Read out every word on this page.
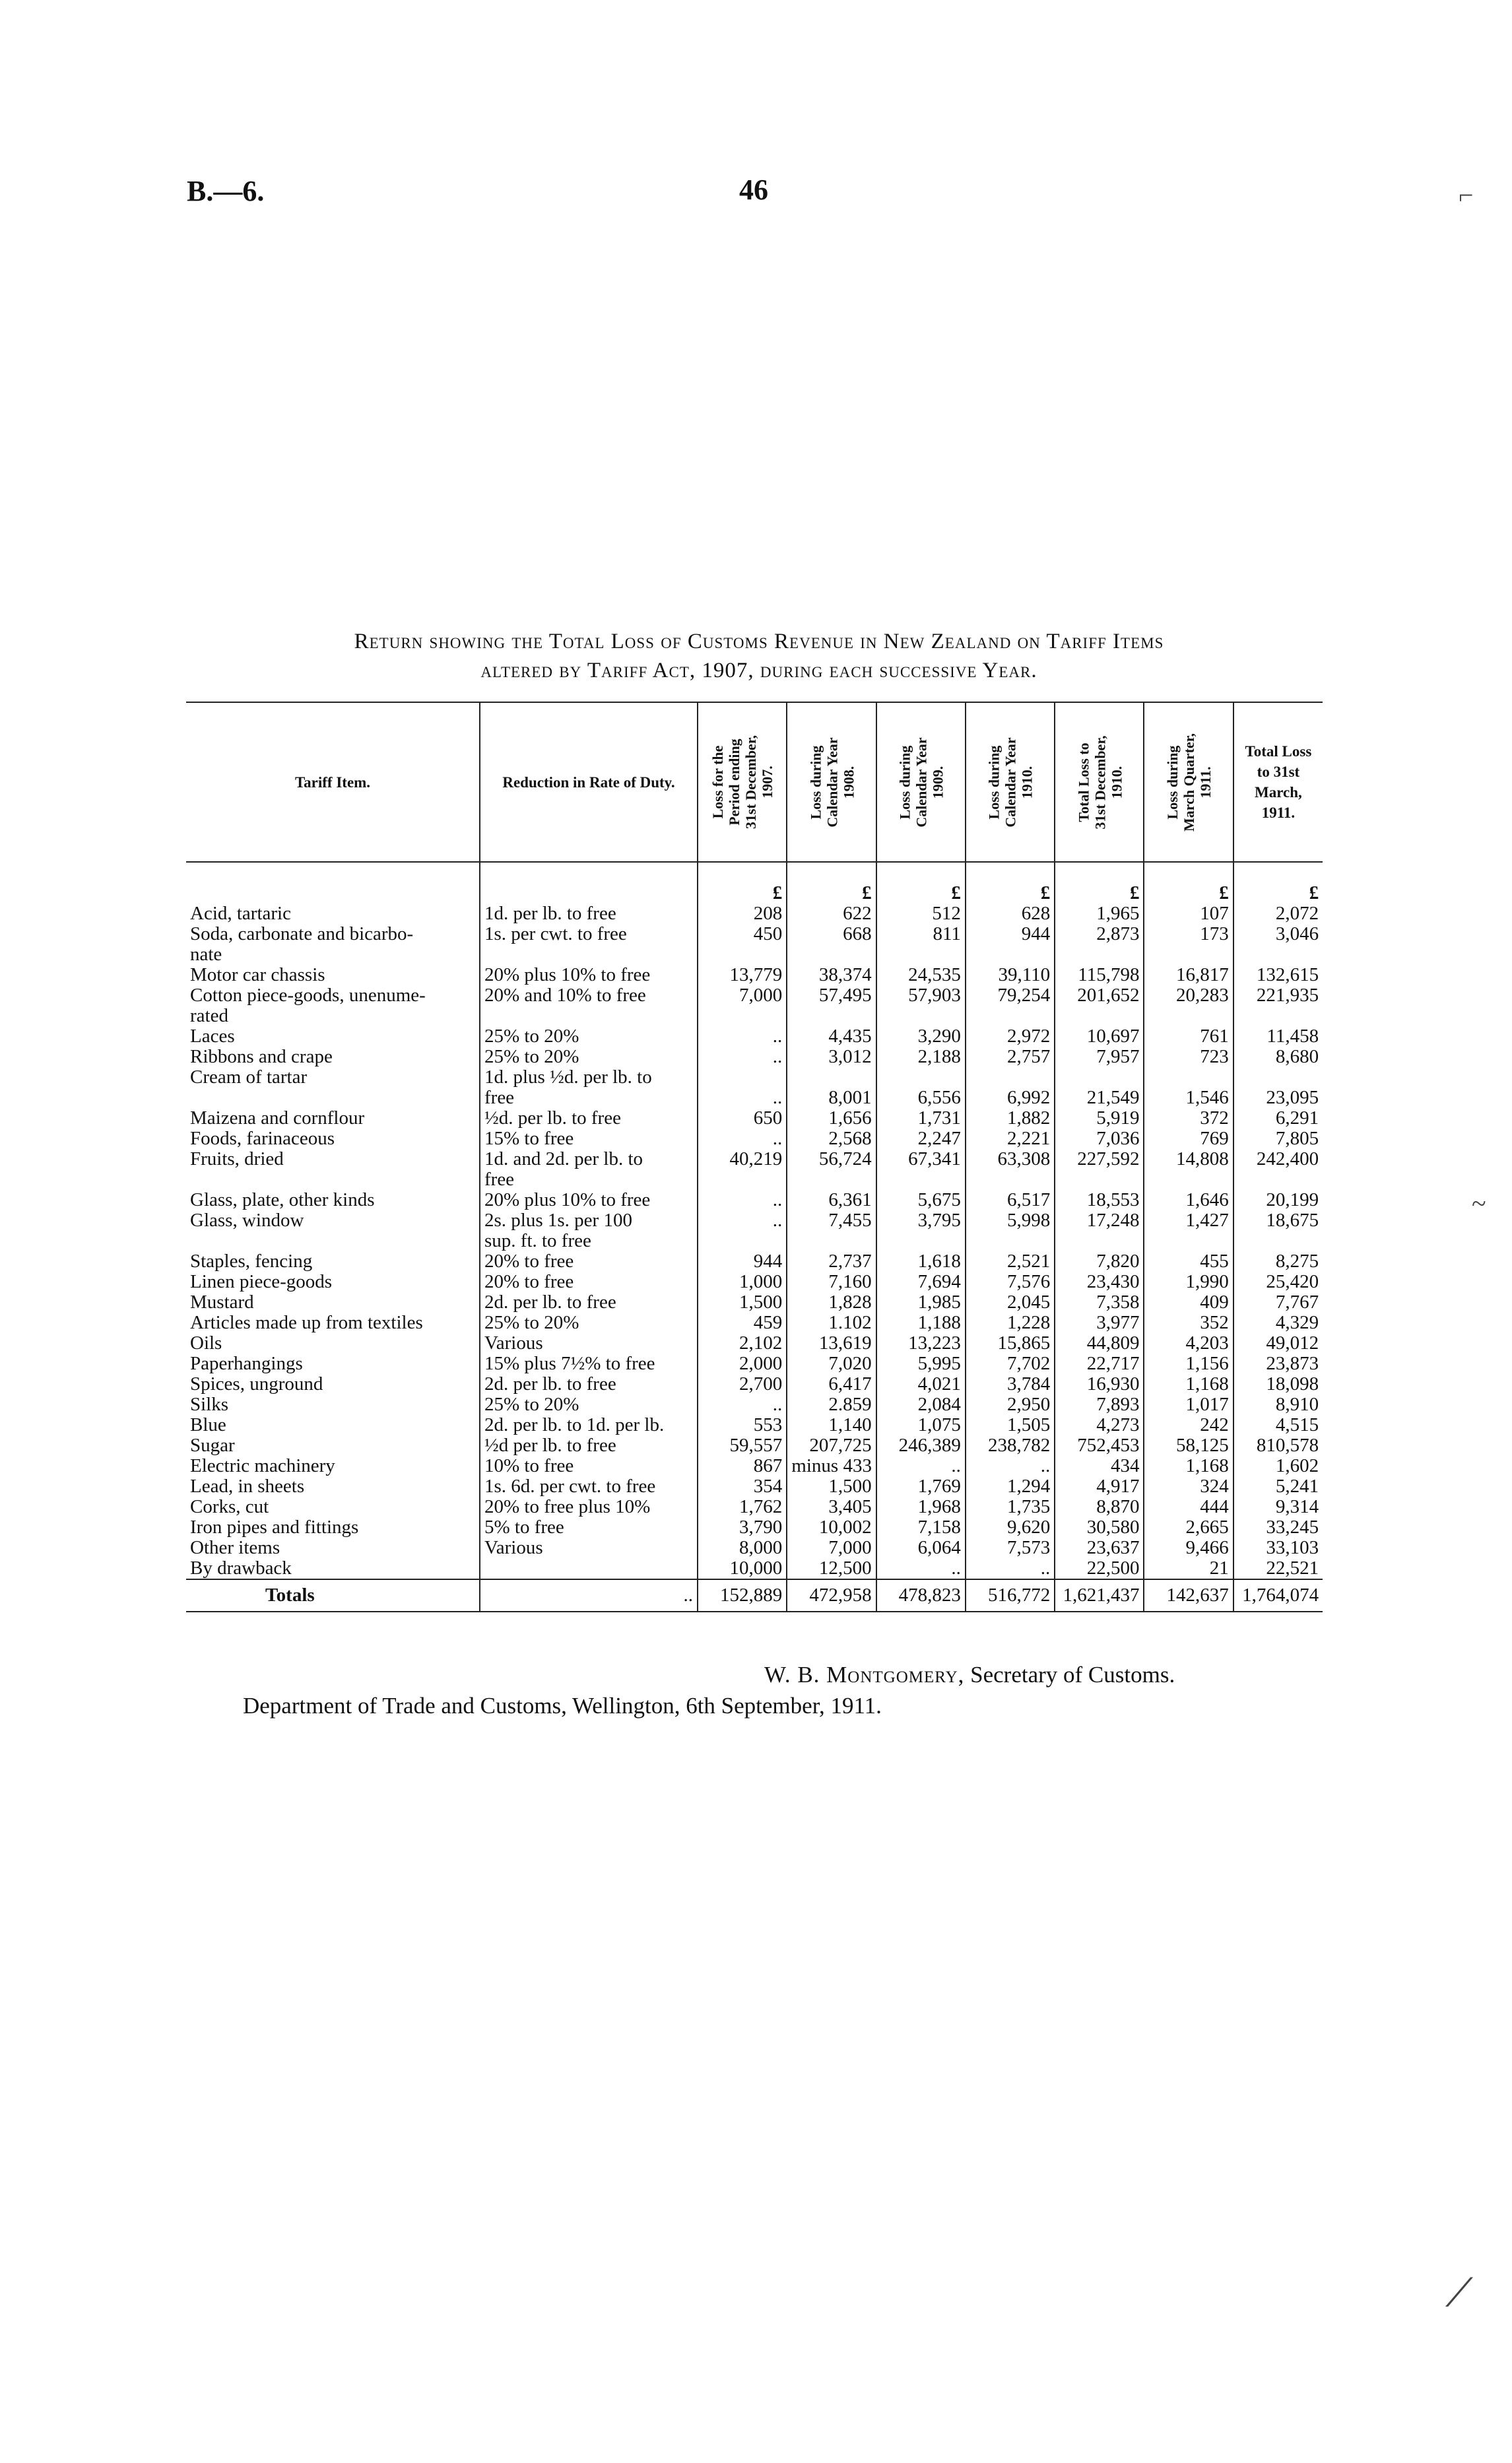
B.—6.	46	⌐
Return showing the Total Loss of Customs Revenue in New Zealand on Tariff Items
altered by Tariff Act, 1907, during each successive Year.
Tariff Item.	Reduction in Rate of Duty.	Loss for the
Period ending
31st December,
1907.	Loss during
Calendar Year
1908.	Loss during
Calendar Year
1909.	Loss during
Calendar Year
1910.	Total Loss to
31st December,
1910.	Loss during
March Quarter,
1911.	Total Loss to 31st March, 1911.
		£	£	£	£	£	£	£
Acid, tartaric	1d. per lb. to free	208	622	512	628	1,965	107	2,072
Soda, carbonate and bicarbo-	1s. per cwt. to free	450	668	811	944	2,873	173	3,046
nate								
Motor car chassis	20% plus 10% to free	13,779	38,374	24,535	39,110	115,798	16,817	132,615
Cotton piece-goods, unenume-	20% and 10% to free	7,000	57,495	57,903	79,254	201,652	20,283	221,935
rated								
Laces	25% to 20%	..	4,435	3,290	2,972	10,697	761	11,458
Ribbons and crape	25% to 20%	..	3,012	2,188	2,757	7,957	723	8,680
Cream of tartar	1d. plus ½d. per lb. to							
	free	..	8,001	6,556	6,992	21,549	1,546	23,095
Maizena and cornflour	½d. per lb. to free	650	1,656	1,731	1,882	5,919	372	6,291
Foods, farinaceous	15% to free	..	2,568	2,247	2,221	7,036	769	7,805
Fruits, dried	1d. and 2d. per lb. to	40,219	56,724	67,341	63,308	227,592	14,808	242,400
	free							
Glass, plate, other kinds	20% plus 10% to free	..	6,361	5,675	6,517	18,553	1,646	20,199
Glass, window	2s. plus 1s. per 100	..	7,455	3,795	5,998	17,248	1,427	18,675
	sup. ft. to free							
Staples, fencing	20% to free	944	2,737	1,618	2,521	7,820	455	8,275
Linen piece-goods	20% to free	1,000	7,160	7,694	7,576	23,430	1,990	25,420
Mustard	2d. per lb. to free	1,500	1,828	1,985	2,045	7,358	409	7,767
Articles made up from textiles	25% to 20%	459	1.102	1,188	1,228	3,977	352	4,329
Oils	Various	2,102	13,619	13,223	15,865	44,809	4,203	49,012
Paperhangings	15% plus 7½% to free	2,000	7,020	5,995	7,702	22,717	1,156	23,873
Spices, unground	2d. per lb. to free	2,700	6,417	4,021	3,784	16,930	1,168	18,098
Silks	25% to 20%	..	2.859	2,084	2,950	7,893	1,017	8,910
Blue	2d. per lb. to 1d. per lb.	553	1,140	1,075	1,505	4,273	242	4,515
Sugar	½d per lb. to free	59,557	207,725	246,389	238,782	752,453	58,125	810,578
Electric machinery	10% to free	867	minus 433	..	..	434	1,168	1,602
Lead, in sheets	1s. 6d. per cwt. to free	354	1,500	1,769	1,294	4,917	324	5,241
Corks, cut	20% to free plus 10%	1,762	3,405	1,968	1,735	8,870	444	9,314
Iron pipes and fittings	5% to free	3,790	10,002	7,158	9,620	30,580	2,665	33,245
Other items	Various	8,000	7,000	6,064	7,573	23,637	9,466	33,103
By drawback		10,000	12,500	..	..	22,500	21	22,521
Totals	..	152,889	472,958	478,823	516,772	1,621,437	142,637	1,764,074
W. B. Montgomery, Secretary of Customs.
Department of Trade and Customs, Wellington, 6th September, 1911.
~
⟋
